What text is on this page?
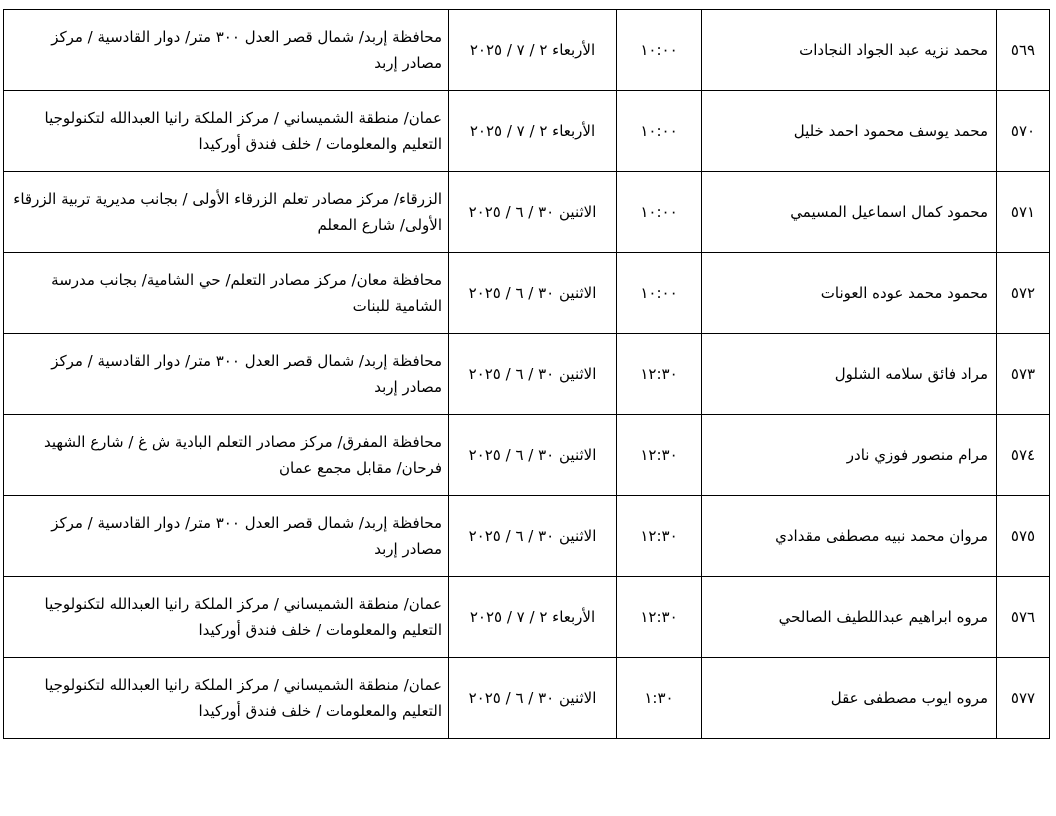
٥٦٩	محمد نزيه عبد الجواد النجادات	١٠:٠٠	الأربعاء ٢ / ٧ / ٢٠٢٥	محافظة إربد/ شمال قصر العدل ٣٠٠ متر/ دوار القادسية / مركز مصادر إربد

٥٧٠	محمد يوسف محمود احمد خليل	١٠:٠٠	الأربعاء ٢ / ٧ / ٢٠٢٥	عمان/ منطقة الشميساني / مركز الملكة رانيا العبدالله لتكنولوجيا التعليم والمعلومات / خلف فندق أوركيدا

٥٧١	محمود كمال اسماعيل المسيمي	١٠:٠٠	الاثنين ٣٠ / ٦ / ٢٠٢٥	الزرقاء/ مركز مصادر تعلم الزرقاء الأولى / بجانب مديرية تربية الزرقاء الأولى/ شارع المعلم

٥٧٢	محمود محمد عوده العونات	١٠:٠٠	الاثنين ٣٠ / ٦ / ٢٠٢٥	محافظة معان/ مركز مصادر التعلم/ حي الشامية/ بجانب مدرسة الشامية للبنات

٥٧٣	مراد فائق سلامه الشلول	١٢:٣٠	الاثنين ٣٠ / ٦ / ٢٠٢٥	محافظة إربد/ شمال قصر العدل ٣٠٠ متر/ دوار القادسية / مركز مصادر إربد

٥٧٤	مرام منصور فوزي نادر	١٢:٣٠	الاثنين ٣٠ / ٦ / ٢٠٢٥	محافظة المفرق/ مركز مصادر التعلم البادية ش غ / شارع الشهيد فرحان/ مقابل مجمع عمان

٥٧٥	مروان محمد نبيه مصطفى مقدادي	١٢:٣٠	الاثنين ٣٠ / ٦ / ٢٠٢٥	محافظة إربد/ شمال قصر العدل ٣٠٠ متر/ دوار القادسية / مركز مصادر إربد

٥٧٦	مروه ابراهيم عبداللطيف الصالحي	١٢:٣٠	الأربعاء ٢ / ٧ / ٢٠٢٥	عمان/ منطقة الشميساني / مركز الملكة رانيا العبدالله لتكنولوجيا التعليم والمعلومات / خلف فندق أوركيدا

٥٧٧	مروه ايوب مصطفى عقل	١:٣٠	الاثنين ٣٠ / ٦ / ٢٠٢٥	عمان/ منطقة الشميساني / مركز الملكة رانيا العبدالله لتكنولوجيا التعليم والمعلومات / خلف فندق أوركيدا
